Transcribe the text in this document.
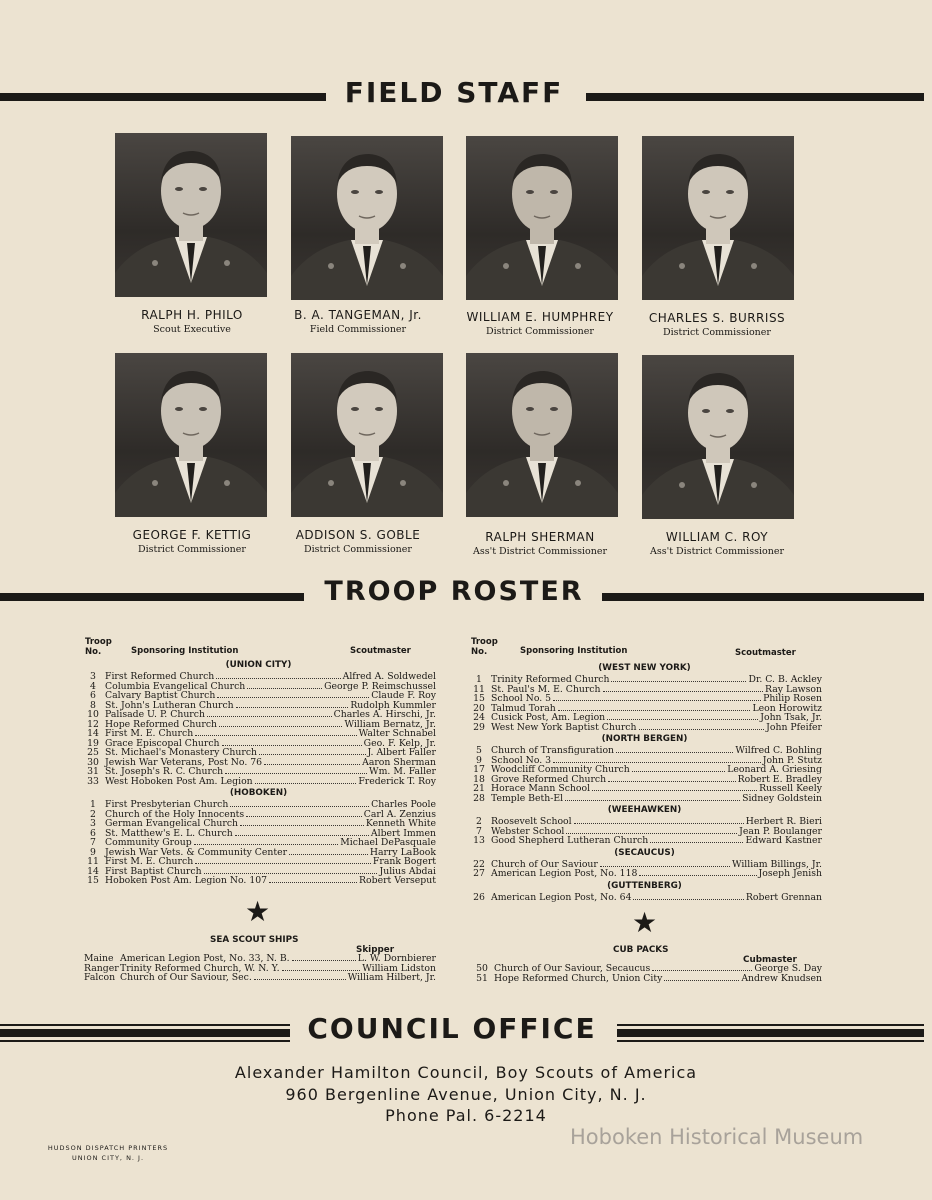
FIELD STAFF
RALPH H. PHILO
Scout Executive
B. A. TANGEMAN, Jr.
Field Commissioner
WILLIAM E. HUMPHREY
District Commissioner
CHARLES S. BURRISS
District Commissioner
GEORGE F. KETTIG
District Commissioner
ADDISON S. GOBLE
District Commissioner
RALPH SHERMAN
Ass't District Commissioner
WILLIAM C. ROY
Ass't District Commissioner
TROOP ROSTER
Troop
No.	Sponsoring Institution	Scoutmaster
Troop
No.	Sponsoring Institution	Scoutmaster
(UNION CITY)
3 First Reformed Church	Alfred A. Soldwedel
4 Columbia Evangelical Church	George P. Reimschussel
6 Calvary Baptist Church	Claude F. Roy
8 St. John's Lutheran Church	Rudolph Kummler
10 Palisade U. P. Church	Charles A. Hirschi, Jr.
12 Hope Reformed Church	William Bernatz, Jr.
14 First M. E. Church	Walter Schnabel
19 Grace Episcopal Church	Geo. F. Kelp, Jr.
25 St. Michael's Monastery Church	J. Albert Faller
30 Jewish War Veterans, Post No. 76	Aaron Sherman
31 St. Joseph's R. C. Church	Wm. M. Faller
33 West Hoboken Post Am. Legion	Frederick T. Roy
(HOBOKEN)
1 First Presbyterian Church	Charles Poole
2 Church of the Holy Innocents	Carl A. Zenzius
3 German Evangelical Church	Kenneth White
6 St. Matthew's E. L. Church	Albert Immen
7 Community Group	Michael DePasquale
9 Jewish War Vets. & Community Center	Harry LaBook
11 First M. E. Church	Frank Bogert
14 First Baptist Church	Julius Abdai
15 Hoboken Post Am. Legion No. 107	Robert Verseput
(WEST NEW YORK)
1 Trinity Reformed Church	Dr. C. B. Ackley
11 St. Paul's M. E. Church	Ray Lawson
15 School No. 5	Philip Rosen
20 Talmud Torah	Leon Horowitz
24 Cusick Post, Am. Legion	John Tsak, Jr.
29 West New York Baptist Church	John Pfeifer
(NORTH BERGEN)
5 Church of Transfiguration	Wilfred C. Bohling
9 School No. 3	John P. Stutz
17 Woodcliff Community Church	Leonard A. Griesing
18 Grove Reformed Church	Robert E. Bradley
21 Horace Mann School	Russell Keely
28 Temple Beth-El	Sidney Goldstein
(WEEHAWKEN)
2 Roosevelt School	Herbert R. Bieri
7 Webster School	Jean P. Boulanger
13 Good Shepherd Lutheran Church	Edward Kastner
(SECAUCUS)
22 Church of Our Saviour	William Billings, Jr.
27 American Legion Post, No. 118	Joseph Jenish
(GUTTENBERG)
26 American Legion Post, No. 64	Robert Grennan
★
SEA SCOUT SHIPS
Skipper
Maine American Legion Post, No. 33, N. B.	L. W. Dornbierer
Ranger Trinity Reformed Church, W. N. Y.	William Lidston
Falcon Church of Our Saviour, Sec.	William Hilbert, Jr.
★
CUB PACKS
Cubmaster
50 Church of Our Saviour, Secaucus	George S. Day
51 Hope Reformed Church, Union City	Andrew Knudsen
COUNCIL OFFICE
Alexander Hamilton Council, Boy Scouts of America
960 Bergenline Avenue, Union City, N. J.
Phone Pal. 6-2214
HUDSON DISPATCH PRINTERS
UNION CITY, N. J.
Hoboken Historical Museum
